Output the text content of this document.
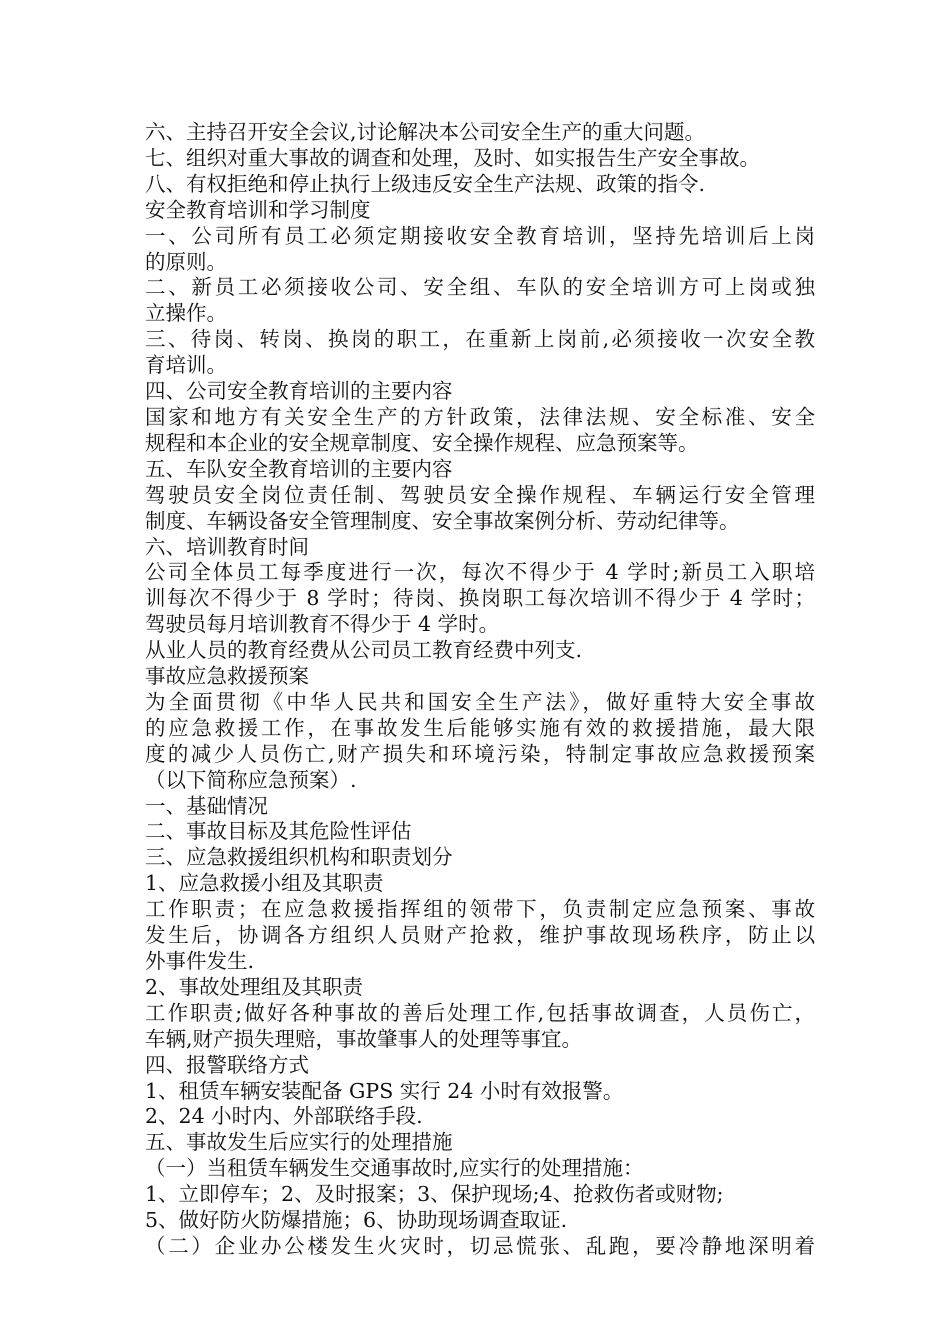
六、主持召开安全会议,讨论解决本公司安全生产的重大问题。
七、组织对重大事故的调查和处理，及时、如实报告生产安全事故。
八、有权拒绝和停止执行上级违反安全生产法规、政策的指令.
安全教育培训和学习制度
一、公司所有员工必须定期接收安全教育培训，坚持先培训后上岗
的原则。
二、新员工必须接收公司、安全组、车队的安全培训方可上岗或独
立操作。
三、待岗、转岗、换岗的职工，在重新上岗前,必须接收一次安全教
育培训。
四、公司安全教育培训的主要内容
国家和地方有关安全生产的方针政策，法律法规、安全标准、安全
规程和本企业的安全规章制度、安全操作规程、应急预案等。
五、车队安全教育培训的主要内容
驾驶员安全岗位责任制、驾驶员安全操作规程、车辆运行安全管理
制度、车辆设备安全管理制度、安全事故案例分析、劳动纪律等。
六、培训教育时间
公司全体员工每季度进行一次，每次不得少于 4 学时;新员工入职培
训每次不得少于 8 学时；待岗、换岗职工每次培训不得少于 4 学时；
驾驶员每月培训教育不得少于 4 学时。
从业人员的教育经费从公司员工教育经费中列支.
事故应急救援预案
为全面贯彻《中华人民共和国安全生产法》，做好重特大安全事故
的应急救援工作，在事故发生后能够实施有效的救援措施，最大限
度的减少人员伤亡,财产损失和环境污染，特制定事故应急救援预案
（以下简称应急预案）.
一、基础情况
二、事故目标及其危险性评估
三、应急救援组织机构和职责划分
1、应急救援小组及其职责
工作职责；在应急救援指挥组的领带下，负责制定应急预案、事故
发生后，协调各方组织人员财产抢救，维护事故现场秩序，防止以
外事件发生.
2、事故处理组及其职责
工作职责;做好各种事故的善后处理工作,包括事故调查，人员伤亡，
车辆,财产损失理赔，事故肇事人的处理等事宜。
四、报警联络方式
1、租赁车辆安装配备 GPS 实行 24 小时有效报警。
2、24 小时内、外部联络手段.
五、事故发生后应实行的处理措施
（一）当租赁车辆发生交通事故时,应实行的处理措施：
1、立即停车；2、及时报案；3、保护现场;4、抢救伤者或财物;
5、做好防火防爆措施；6、协助现场调查取证.
（二）企业办公楼发生火灾时，切忌慌张、乱跑，要冷静地深明着
